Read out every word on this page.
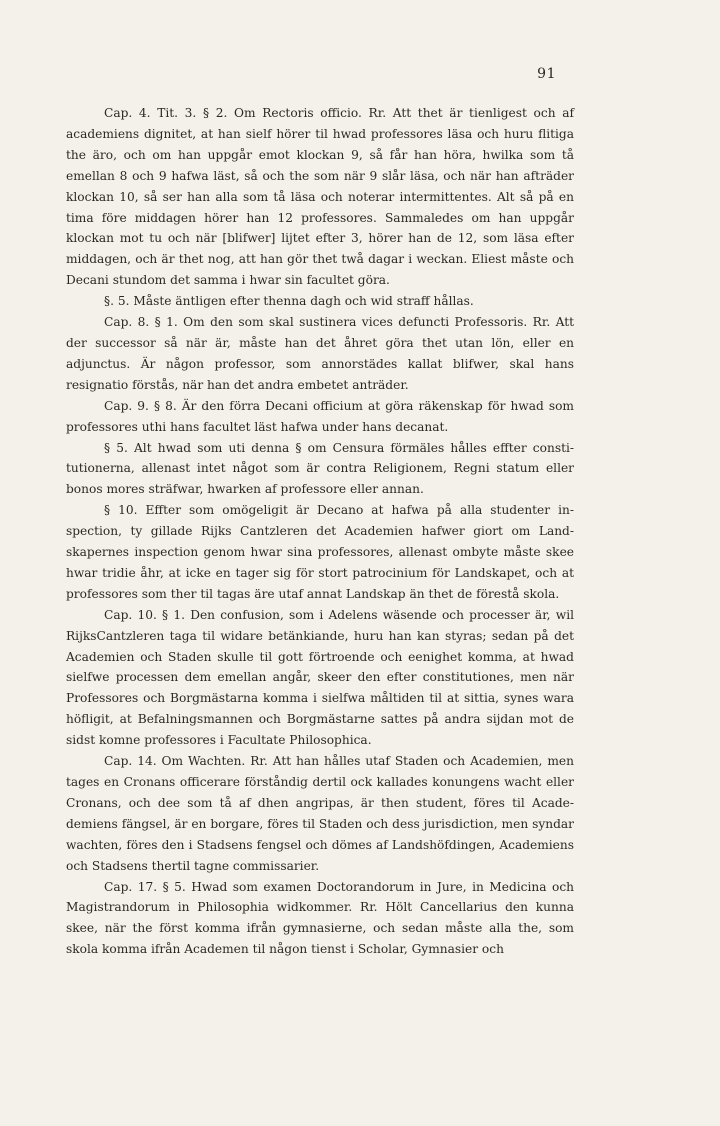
91

Cap. 4. Tit. 3. § 2. Om Rectoris officio. Rr. Att thet är tienligest och af academiens dignitet, at han sielf hörer til hwad professores läsa och huru flitiga the äro, och om han uppgår emot klockan 9, så får han höra, hwilka som tå emellan 8 och 9 hafwa läst, så och the som när 9 slår läsa, och när han afträder klockan 10, så ser han alla som tå läsa och noterar intermittentes. Alt så på en tima före middagen hörer han 12 professores. Sammaledes om han uppgår klockan mot tu och när [blifwer] lijtet efter 3, hörer han de 12, som läsa efter middagen, och är thet nog, att han gör thet twå dagar i weckan. Eliest måste och Decani stundom det samma i hwar sin facultet göra.

§. 5. Måste äntligen efter thenna dagh och wid straff hållas.

Cap. 8. § 1. Om den som skal sustinera vices defuncti Professoris. Rr. Att der successor så när är, måste han det åhret göra thet utan lön, eller en adjunctus. Är någon professor, som annorstädes kallat blifwer, skal hans resignatio förstås, när han det andra embetet anträder.

Cap. 9. § 8. Är den förra Decani officium at göra räkenskap för hwad som professores uthi hans facultet läst hafwa under hans decanat.

§ 5. Alt hwad som uti denna § om Censura förmäles hålles effter constitutionerna, allenast intet något som är contra Religionem, Regni statum eller bonos mores sträfwar, hwarken af professore eller annan.

§ 10. Effter som omögeligit är Decano at hafwa på alla studenter inspection, ty gillade Rijks Cantzleren det Academien hafwer giort om Landskapernes inspection genom hwar sina professores, allenast ombyte måste skee hwar tridie åhr, at icke en tager sig för stort patrocinium för Landskapet, och at professores som ther til tagas äre utaf annat Landskap än thet de förestå skola.

Cap. 10. § 1. Den confusion, som i Adelens wäsende och processer är, wil RijksCantzleren taga til widare betänkiande, huru han kan styras; sedan på det Academien och Staden skulle til gott förtroende och eenighet komma, at hwad sielfwe processen dem emellan angår, skeer den efter constitutiones, men när Professores och Borgmästarna komma i sielfwa måltiden til at sittia, synes wara höfligit, at Befalningsmannen och Borgmästarne sattes på andra sijdan mot de sidst komne professores i Facultate Philosophica.

Cap. 14. Om Wachten. Rr. Att han hålles utaf Staden och Academien, men tages en Cronans officerare förståndig dertil ock kallades konungens wacht eller Cronans, och dee som tå af dhen angripas, är then student, föres til Acadedemiens fängsel, är en borgare, föres til Staden och dess jurisdiction, men syndar wachten, föres den i Stadsens fengsel och dömes af Landshöfdingen, Academiens och Stadsens thertil tagne commissarier.

Cap. 17. § 5. Hwad som examen Doctorandorum in Jure, in Medicina och Magistrandorum in Philosophia widkommer. Rr. Hölt Cancellarius den kunna skee, när the först komma ifrån gymnasierne, och sedan måste alla the, som skola komma ifrån Academen til någon tienst i Scholar, Gymnasier och
